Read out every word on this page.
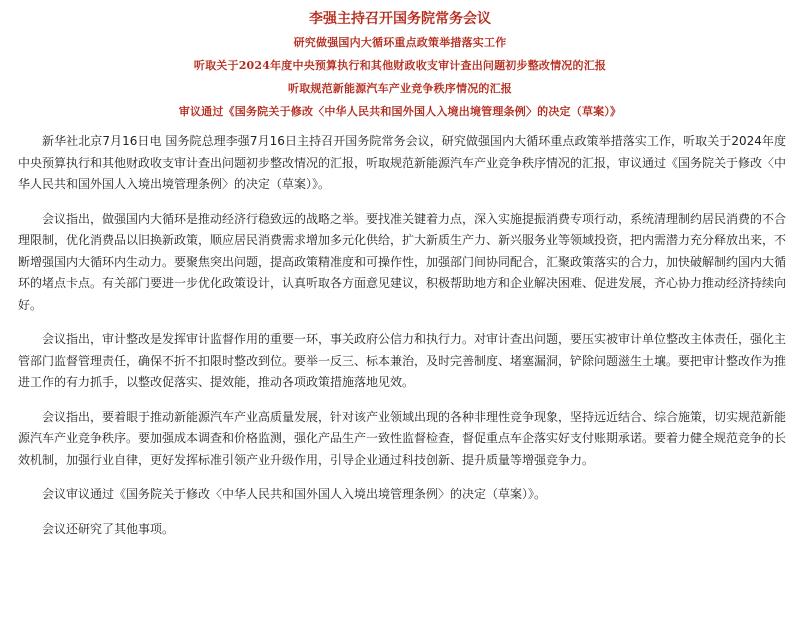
李强主持召开国务院常务会议
研究做强国内大循环重点政策举措落实工作
听取关于2024年度中央预算执行和其他财政收支审计查出问题初步整改情况的汇报
听取规范新能源汽车产业竞争秩序情况的汇报
审议通过《国务院关于修改〈中华人民共和国外国人入境出境管理条例〉的决定（草案）》

新华社北京7月16日电 国务院总理李强7月16日主持召开国务院常务会议，研究做强国内大循环重点政策举措落实工作，听取关于2024年度中央预算执行和其他财政收支审计查出问题初步整改情况的汇报，听取规范新能源汽车产业竞争秩序情况的汇报，审议通过《国务院关于修改〈中华人民共和国外国人入境出境管理条例〉的决定（草案）》。

会议指出，做强国内大循环是推动经济行稳致远的战略之举。要找准关键着力点，深入实施提振消费专项行动，系统清理制约居民消费的不合理限制，优化消费品以旧换新政策，顺应居民消费需求增加多元化供给，扩大新质生产力、新兴服务业等领域投资，把内需潜力充分释放出来，不断增强国内大循环内生动力。要聚焦突出问题，提高政策精准度和可操作性，加强部门间协同配合，汇聚政策落实的合力，加快破解制约国内大循环的堵点卡点。有关部门要进一步优化政策设计，认真听取各方面意见建议，积极帮助地方和企业解决困难、促进发展，齐心协力推动经济持续向好。

会议指出，审计整改是发挥审计监督作用的重要一环，事关政府公信力和执行力。对审计查出问题，要压实被审计单位整改主体责任，强化主管部门监督管理责任，确保不折不扣限时整改到位。要举一反三、标本兼治，及时完善制度、堵塞漏洞，铲除问题滋生土壤。要把审计整改作为推进工作的有力抓手，以整改促落实、提效能，推动各项政策措施落地见效。

会议指出，要着眼于推动新能源汽车产业高质量发展，针对该产业领域出现的各种非理性竞争现象，坚持远近结合、综合施策，切实规范新能源汽车产业竞争秩序。要加强成本调查和价格监测，强化产品生产一致性监督检查，督促重点车企落实好支付账期承诺。要着力健全规范竞争的长效机制，加强行业自律，更好发挥标准引领产业升级作用，引导企业通过科技创新、提升质量等增强竞争力。

会议审议通过《国务院关于修改〈中华人民共和国外国人入境出境管理条例〉的决定（草案）》。

会议还研究了其他事项。
